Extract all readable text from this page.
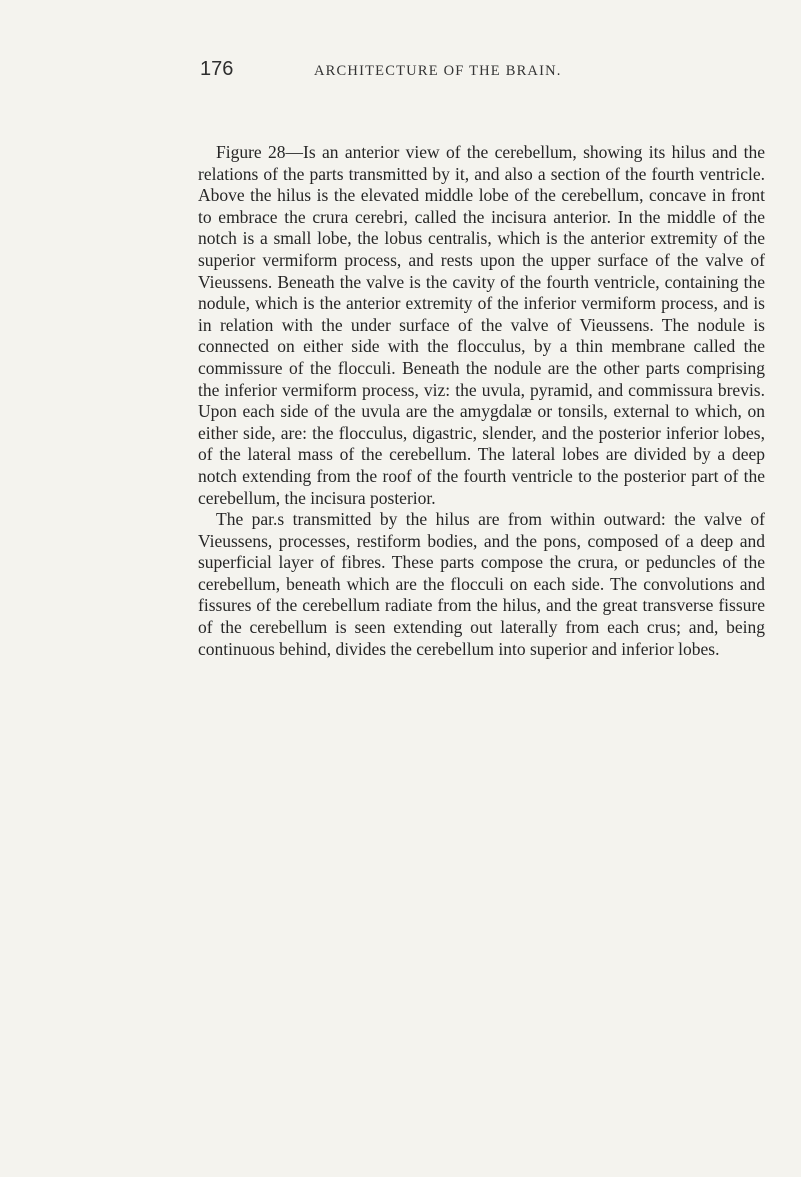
176	ARCHITECTURE OF THE BRAIN.

Figure 28—Is an anterior view of the cerebellum, showing its hilus and the relations of the parts transmitted by it, and also a section of the fourth ventricle. Above the hilus is the elevated middle lobe of the cerebellum, concave in front to embrace the crura cerebri, called the incisura anterior. In the middle of the notch is a small lobe, the lobus centralis, which is the anterior extremity of the superior vermiform process, and rests upon the upper surface of the valve of Vieussens. Beneath the valve is the cavity of the fourth ventricle, containing the nodule, which is the anterior extremity of the inferior vermiform process, and is in relation with the under surface of the valve of Vieussens. The nodule is connected on either side with the flocculus, by a thin membrane called the commissure of the flocculi. Beneath the nodule are the other parts comprising the inferior vermiform process, viz: the uvula, pyramid, and commissura brevis. Upon each side of the uvula are the amygdalæ or tonsils, external to which, on either side, are: the flocculus, digastric, slender, and the posterior inferior lobes, of the lateral mass of the cerebellum. The lateral lobes are divided by a deep notch extending from the roof of the fourth ventricle to the posterior part of the cerebellum, the incisura posterior.

The par.s transmitted by the hilus are from within outward: the valve of Vieussens, processes, restiform bodies, and the pons, composed of a deep and superficial layer of fibres. These parts compose the crura, or peduncles of the cerebellum, beneath which are the flocculi on each side. The convolutions and fissures of the cerebellum radiate from the hilus, and the great transverse fissure of the cerebellum is seen extending out laterally from each crus; and, being continuous behind, divides the cerebellum into superior and inferior lobes.
